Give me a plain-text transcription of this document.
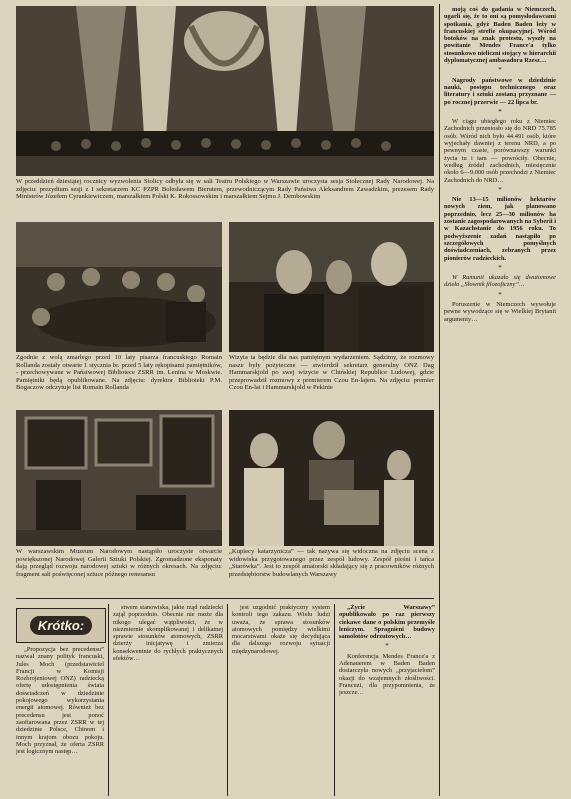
W przeddzień dziesiątej rocznicy wyzwolenia Stolicy odbyła się w sali Teatru Polskiego w Warszawie uroczysta sesja Stołecznej Rady Narodowej. Na zdjęciu: prezydium sesji z I sekretarzem KC PZPR Bolesławem Bierutem, przewodniczącym Rady Państwa Aleksandrem Zawadzkim, prezesem Rady Ministrów Józefem Cyrankiewiczem, marszałkiem Polski K. Rokossowskim i marszałkiem Sejmu J. Dembowskim
Zgodnie z wolą zmarłego przed 10 laty pisarza francuskiego Romain Rollanda zostały otwarte 1 stycznia br. przed 5 laty rękopisami pamiętników, - przechowywane w Państwowej Bibliotece ZSRR im. Lenina w Moskwie. Pamiętniki będą opublikowane. Na zdjęciu: dyrektor Biblioteki P.M. Bogaczow odczytuje list Romain Rollanda
Wizyta ta będzie dla nas pamiętnym wydarzeniem. Sądzimy, że rozmowy nasze były pożyteczne — stwierdził sekretarz generalny ONZ Dag Hammarskjold po swej wizycie w Chińskiej Republice Ludowej, gdzie przeprowadził rozmowy z premierem Czou En-lajem. Na zdjęciu: premier Czou En-lai i Hammarskjold w Pekinie
W warszawskim Muzeum Narodowym nastąpiło uroczyste otwarcie powiększonej Narodowej Galerii Sztuki Polskiej. Zgromadzone eksponaty dają przegląd rozwoju narodowej sztuki w różnych okresach. Na zdjęciu: fragment sali poświęconej sztuce późnego renesansu
„Kupiecy katarzynicza” — tak nazywa się widoczna na zdjęciu scena z widowiska przygotowanego przez zespół ludowy. Zespół pieśni i tańca „Starówka”. Jest to zespół amatorski składający się z pracowników różnych przedsiębiorstw budowlanych Warszawy
Krótko:

„Propozycja bez precedensu” nazwał znany polityk francuski, Jules Moch (przedstawiciel Francji w Komisji Rozbrojeniowej ONZ) radziecką ofertę udostępnienia świata doświadczeń w dziedzinie pokojowego wykorzystania energii atomowej. Również bez precedensu jest ponoć zaofiarowana przez ZSRR w tej dziedzinie Polsce, Chinom i innym krajom obozu pokoju. Moch przyznał, że oferta ZSRR jest logicznym następ…

stwem stanowiska, jakie rząd radziecki zajął poprzednio. Obecnie nie może dla nikogo ulegać wątpliwości, że w niezmiernie skomplikowanej i delikatnej sprawie stosunków atomowych, ZSRR dzierży inicjatywę i zmierza konsekwentnie do rychłych praktycznych efektów…

jest uzgodnić praktyczny system kontroli tego zakazu. Wielu ludzi uważa, że sprawa stosunków atomowych pomiędzy wielkimi mocarstwami okaże się decydująca dla dalszego rozwoju sytuacji międzynarodowej.

„Życie Warszawy” opublikowało po raz pierwszy ciekawe dane o polskim przemyśle leniczym. Spragnieni budowy samolotów odrzutowych…

*

Konferencja Mendes France'a z Adenauerem w Baden Baden dostarczyła nowych „przyjacielom” okazji do wzajemnych złośliwości. Francuzi, dla przypomnienia, że jeszcze…

moją coś do gadania w Niemczech, ugarli się, że to oni są pomysłodawcami spotkania, gdyż Baden Baden leży w francuskiej strefie okupacyjnej. Wśród botoków na znak protestu, wyszły na powitanie Mendes France'a tylko stosunkowo nieliczni stojący w hierarchii dyplomatycznej ambasadora Rzesz…

*

Nagrody państwowe w dziedzinie nauki, postępu technicznego oraz literatury i sztuki zostaną przyznane — po rocznej przerwie — 22 lipca br.

*

W ciągu ubiegłego roku z Niemiec Zachodnich przeniosło się do NRD 75.785 osób. Wśród nich było 44.491 osób, które wyjechały dawniej z terenu NRD, a po pewnym czasie, porównawszy warunki życia tu i tam — powróciły. Obecnie, według źródeł zachodnich, miesięcznie około 6—9.000 osób przechodzi z Niemiec Zachodnich do NRD…

*

Nie 13—15 milionów hektarów nowych ziem, jak planowano poprzednio, lecz 25—30 milionów ha zostanie zagospodarowanych na Syberii i w Kazachstanie do 1956 roku. To podwyższenie zadań nastąpiło po szczegółowych pomyślnych doświadczeniach, zebranych przez pionierów radzieckich.

*

W Rumunii ukazało się dwutomowe dzieło „Słownik filozoficzny”…

*

Poruszenie w Niemczech wywołuje pewne wywodzące się w Wielkiej Brytanii argumenty…
